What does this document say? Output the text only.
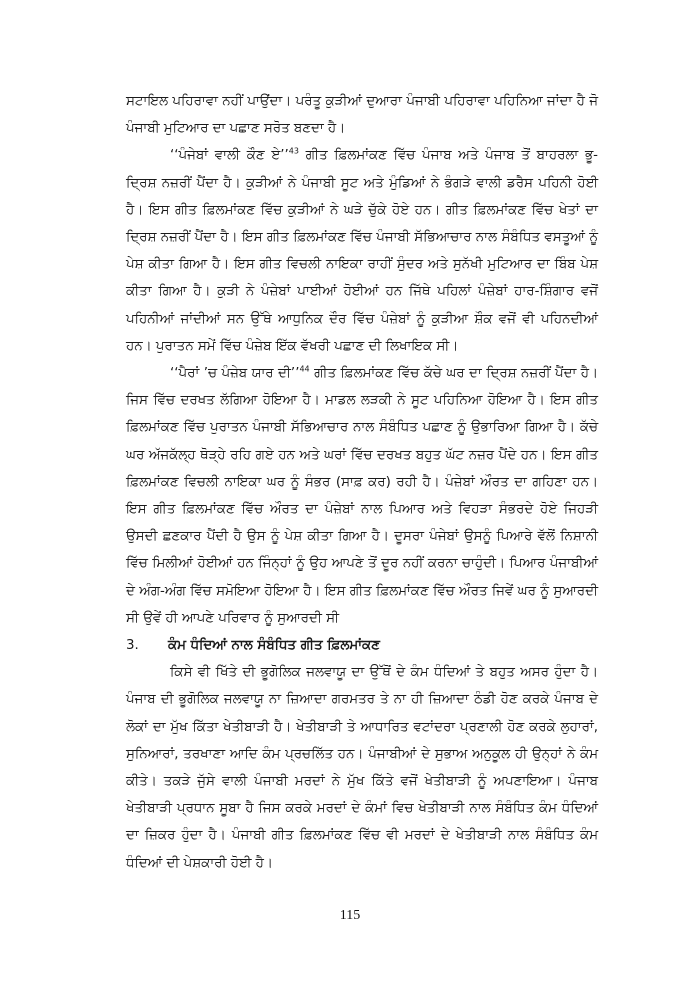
ਸਟਾਇਲ ਪਹਿਰਾਵਾ ਨਹੀਂ ਪਾਉਂਦਾ। ਪਰੰਤੂ ਕੁੜੀਆਂ ਦੁਆਰਾ ਪੰਜਾਬੀ ਪਹਿਰਾਵਾ ਪਹਿਨਿਆ ਜਾਂਦਾ ਹੈ ਜੋ ਪੰਜਾਬੀ ਮੁਟਿਆਰ ਦਾ ਪਛਾਣ ਸਰੋਤ ਬਣਦਾ ਹੈ।

‘‘ਪੰਜੇਬਾਂ ਵਾਲੀ ਕੌਣ ਏ’’$^{43}$ ਗੀਤ ਫ਼ਿਲਮਾਂਕਣ ਵਿੱਚ ਪੰਜਾਬ ਅਤੇ ਪੰਜਾਬ ਤੋਂ ਬਾਹਰਲਾ ਭੂ-ਦ੍ਰਿਸ਼ ਨਜ਼ਰੀਂ ਪੈਂਦਾ ਹੈ। ਕੁੜੀਆਂ ਨੇ ਪੰਜਾਬੀ ਸੂਟ ਅਤੇ ਮੁੰਡਿਆਂ ਨੇ ਭੰਗੜੇ ਵਾਲੀ ਡਰੈਸ ਪਹਿਨੀ ਹੋਈ ਹੈ। ਇਸ ਗੀਤ ਫ਼ਿਲਮਾਂਕਣ ਵਿੱਚ ਕੁੜੀਆਂ ਨੇ ਘੜੇ ਚੁੱਕੇ ਹੋਏ ਹਨ। ਗੀਤ ਫ਼ਿਲਮਾਂਕਣ ਵਿੱਚ ਖੇਤਾਂ ਦਾ ਦ੍ਰਿਸ਼ ਨਜ਼ਰੀਂ ਪੈਂਦਾ ਹੈ। ਇਸ ਗੀਤ ਫ਼ਿਲਮਾਂਕਣ ਵਿੱਚ ਪੰਜਾਬੀ ਸੱਭਿਆਚਾਰ ਨਾਲ ਸੰਬੰਧਿਤ ਵਸਤੂਆਂ ਨੂੰ ਪੇਸ਼ ਕੀਤਾ ਗਿਆ ਹੈ। ਇਸ ਗੀਤ ਵਿਚਲੀ ਨਾਇਕਾ ਰਾਹੀਂ ਸੁੰਦਰ ਅਤੇ ਸੁਨੱਖੀ ਮੁਟਿਆਰ ਦਾ ਬਿੰਬ ਪੇਸ਼ ਕੀਤਾ ਗਿਆ ਹੈ। ਕੁੜੀ ਨੇ ਪੰਜ਼ੇਬਾਂ ਪਾਈਆਂ ਹੋਈਆਂ ਹਨ ਜਿੱਥੇ ਪਹਿਲਾਂ ਪੰਜ਼ੇਬਾਂ ਹਾਰ-ਸ਼ਿੰਗਾਰ ਵਜੋਂ ਪਹਿਨੀਆਂ ਜਾਂਦੀਆਂ ਸਨ ਉੱਥੇ ਆਧੁਨਿਕ ਦੌਰ ਵਿੱਚ ਪੰਜ਼ੇਬਾਂ ਨੂੰ ਕੁੜੀਆ ਸ਼ੌਕ ਵਜੋਂ ਵੀ ਪਹਿਨਦੀਆਂ ਹਨ। ਪੁਰਾਤਨ ਸਮੇਂ ਵਿੱਚ ਪੰਜ਼ੇਬ ਇੱਕ ਵੱਖਰੀ ਪਛਾਣ ਦੀ ਲਿਖਾਇਕ ਸੀ।

‘‘ਪੈਰਾਂ ’ਚ ਪੰਜ਼ੇਬ ਯਾਰ ਦੀ’’$^{44}$ ਗੀਤ ਫ਼ਿਲਮਾਂਕਣ ਵਿੱਚ ਕੱਚੇ ਘਰ ਦਾ ਦ੍ਰਿਸ਼ ਨਜ਼ਰੀਂ ਪੈਂਦਾ ਹੈ। ਜਿਸ ਵਿੱਚ ਦਰਖਤ ਲੱਗਿਆ ਹੋਇਆ ਹੈ। ਮਾਡਲ ਲੜਕੀ ਨੇ ਸੂਟ ਪਹਿਨਿਆ ਹੋਇਆ ਹੈ। ਇਸ ਗੀਤ ਫ਼ਿਲਮਾਂਕਣ ਵਿੱਚ ਪੁਰਾਤਨ ਪੰਜਾਬੀ ਸੱਭਿਆਚਾਰ ਨਾਲ ਸੰਬੰਧਿਤ ਪਛਾਣ ਨੂੰ ਉਭਾਰਿਆ ਗਿਆ ਹੈ। ਕੱਚੇ ਘਰ ਅੱਜਕੱਲ੍ਹ ਥੋੜ੍ਹੇ ਰਹਿ ਗਏ ਹਨ ਅਤੇ ਘਰਾਂ ਵਿੱਚ ਦਰਖਤ ਬਹੁਤ ਘੱਟ ਨਜ਼ਰ ਪੈਂਦੇ ਹਨ। ਇਸ ਗੀਤ ਫ਼ਿਲਮਾਂਕਣ ਵਿਚਲੀ ਨਾਇਕਾ ਘਰ ਨੂੰ ਸੰਭਰ (ਸਾਫ਼ ਕਰ) ਰਹੀ ਹੈ। ਪੰਜ਼ੇਬਾਂ ਔਰਤ ਦਾ ਗਹਿਣਾ ਹਨ। ਇਸ ਗੀਤ ਫ਼ਿਲਮਾਂਕਣ ਵਿੱਚ ਔਰਤ ਦਾ ਪੰਜ਼ੇਬਾਂ ਨਾਲ ਪਿਆਰ ਅਤੇ ਵਿਹੜਾ ਸੰਭਰਦੇ ਹੋਏ ਜਿਹੜੀ ਉਸਦੀ ਛਣਕਾਰ ਪੈਂਦੀ ਹੈ ਉਸ ਨੂੰ ਪੇਸ਼ ਕੀਤਾ ਗਿਆ ਹੈ। ਦੂਸਰਾ ਪੰਜੇਬਾਂ ਉਸਨੂੰ ਪਿਆਰੇ ਵੱਲੋਂ ਨਿਸ਼ਾਨੀ ਵਿੱਚ ਮਿਲੀਆਂ ਹੋਈਆਂ ਹਨ ਜਿੰਨ੍ਹਾਂ ਨੂੰ ਉਹ ਆਪਣੇ ਤੋਂ ਦੂਰ ਨਹੀਂ ਕਰਨਾ ਚਾਹੁੰਦੀ। ਪਿਆਰ ਪੰਜਾਬੀਆਂ ਦੇ ਅੰਗ-ਅੰਗ ਵਿੱਚ ਸਮੋਇਆ ਹੋਇਆ ਹੈ। ਇਸ ਗੀਤ ਫ਼ਿਲਮਾਂਕਣ ਵਿੱਚ ਔਰਤ ਜਿਵੇਂ ਘਰ ਨੂੰ ਸੁਆਰਦੀ ਸੀ ਉਵੇਂ ਹੀ ਆਪਣੇ ਪਰਿਵਾਰ ਨੂੰ ਸੁਆਰਦੀ ਸੀ

3.	ਕੰਮ ਧੰਦਿਆਂ ਨਾਲ ਸੰਬੰਧਿਤ ਗੀਤ ਫ਼ਿਲਮਾਂਕਣ

ਕਿਸੇ ਵੀ ਖਿੱਤੇ ਦੀ ਭੂਗੋਲਿਕ ਜਲਵਾਯੂ ਦਾ ਉੱਥੋਂ ਦੇ ਕੰਮ ਧੰਦਿਆਂ ਤੇ ਬਹੁਤ ਅਸਰ ਹੁੰਦਾ ਹੈ। ਪੰਜਾਬ ਦੀ ਭੂਗੋਲਿਕ ਜਲਵਾਯੂ ਨਾ ਜ਼ਿਆਦਾ ਗਰਮਤਰ ਤੇ ਨਾ ਹੀ ਜ਼ਿਆਦਾ ਠੰਡੀ ਹੋਣ ਕਰਕੇ ਪੰਜਾਬ ਦੇ ਲੋਕਾਂ ਦਾ ਮੁੱਖ ਕਿੱਤਾ ਖੇਤੀਬਾੜੀ ਹੈ। ਖੇਤੀਬਾੜੀ ਤੇ ਆਧਾਰਿਤ ਵਟਾਂਦਰਾ ਪ੍ਰਣਾਲੀ ਹੋਣ ਕਰਕੇ ਲੁਹਾਰਾਂ, ਸੁਨਿਆਰਾਂ, ਤਰਖਾਣਾ ਆਦਿ ਕੰਮ ਪ੍ਰਚਲਿੱਤ ਹਨ। ਪੰਜਾਬੀਆਂ ਦੇ ਸੁਭਾਅ ਅਨੁਕੂਲ ਹੀ ਉਨ੍ਹਾਂ ਨੇ ਕੰਮ ਕੀਤੇ। ਤਕੜੇ ਜੁੱਸੇ ਵਾਲੀ ਪੰਜਾਬੀ ਮਰਦਾਂ ਨੇ ਮੁੱਖ ਕਿੱਤੇ ਵਜੋਂ ਖੇਤੀਬਾੜੀ ਨੂੰ ਅਪਣਾਇਆ। ਪੰਜਾਬ ਖੇਤੀਬਾੜੀ ਪ੍ਰਧਾਨ ਸੂਬਾ ਹੈ ਜਿਸ ਕਰਕੇ ਮਰਦਾਂ ਦੇ ਕੰਮਾਂ ਵਿਚ ਖੇਤੀਬਾੜੀ ਨਾਲ ਸੰਬੰਧਿਤ ਕੰਮ ਧੰਦਿਆਂ ਦਾ ਜ਼ਿਕਰ ਹੁੰਦਾ ਹੈ। ਪੰਜਾਬੀ ਗੀਤ ਫ਼ਿਲਮਾਂਕਣ ਵਿੱਚ ਵੀ ਮਰਦਾਂ ਦੇ ਖੇਤੀਬਾੜੀ ਨਾਲ ਸੰਬੰਧਿਤ ਕੰਮ ਧੰਦਿਆਂ ਦੀ ਪੇਸ਼ਕਾਰੀ ਹੋਈ ਹੈ।

115
